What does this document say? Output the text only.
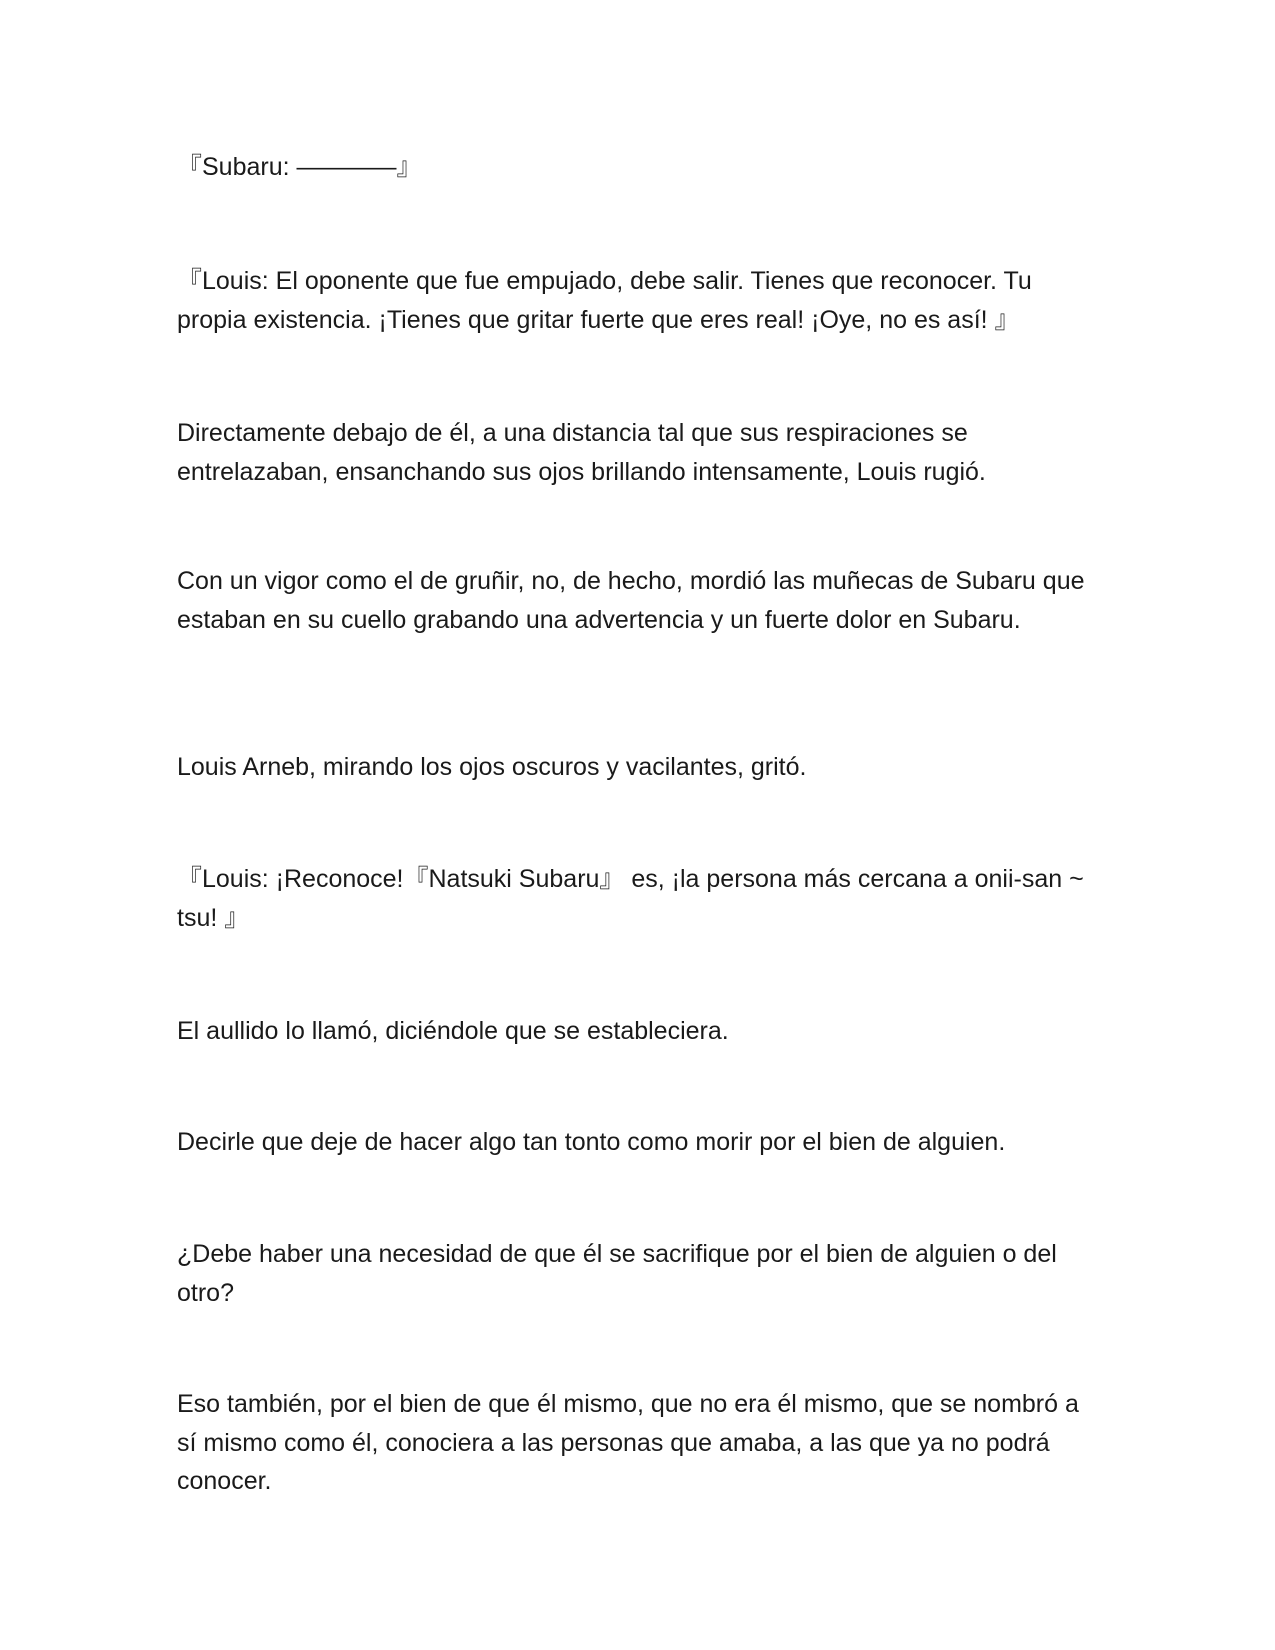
『Subaru: ————』

『Louis: El oponente que fue empujado, debe salir. Tienes que reconocer. Tu propia existencia. ¡Tienes que gritar fuerte que eres real! ¡Oye, no es así! 』

Directamente debajo de él, a una distancia tal que sus respiraciones se entrelazaban, ensanchando sus ojos brillando intensamente, Louis rugió.

Con un vigor como el de gruñir, no, de hecho, mordió las muñecas de Subaru que estaban en su cuello grabando una advertencia y un fuerte dolor en Subaru.

Louis Arneb, mirando los ojos oscuros y vacilantes, gritó.

『Louis: ¡Reconoce!『Natsuki Subaru』 es, ¡la persona más cercana a onii-san ~ tsu! 』

El aullido lo llamó, diciéndole que se estableciera.

Decirle que deje de hacer algo tan tonto como morir por el bien de alguien.

¿Debe haber una necesidad de que él se sacrifique por el bien de alguien o del otro?

Eso también, por el bien de que él mismo, que no era él mismo, que se nombró a sí mismo como él, conociera a las personas que amaba, a las que ya no podrá conocer.
